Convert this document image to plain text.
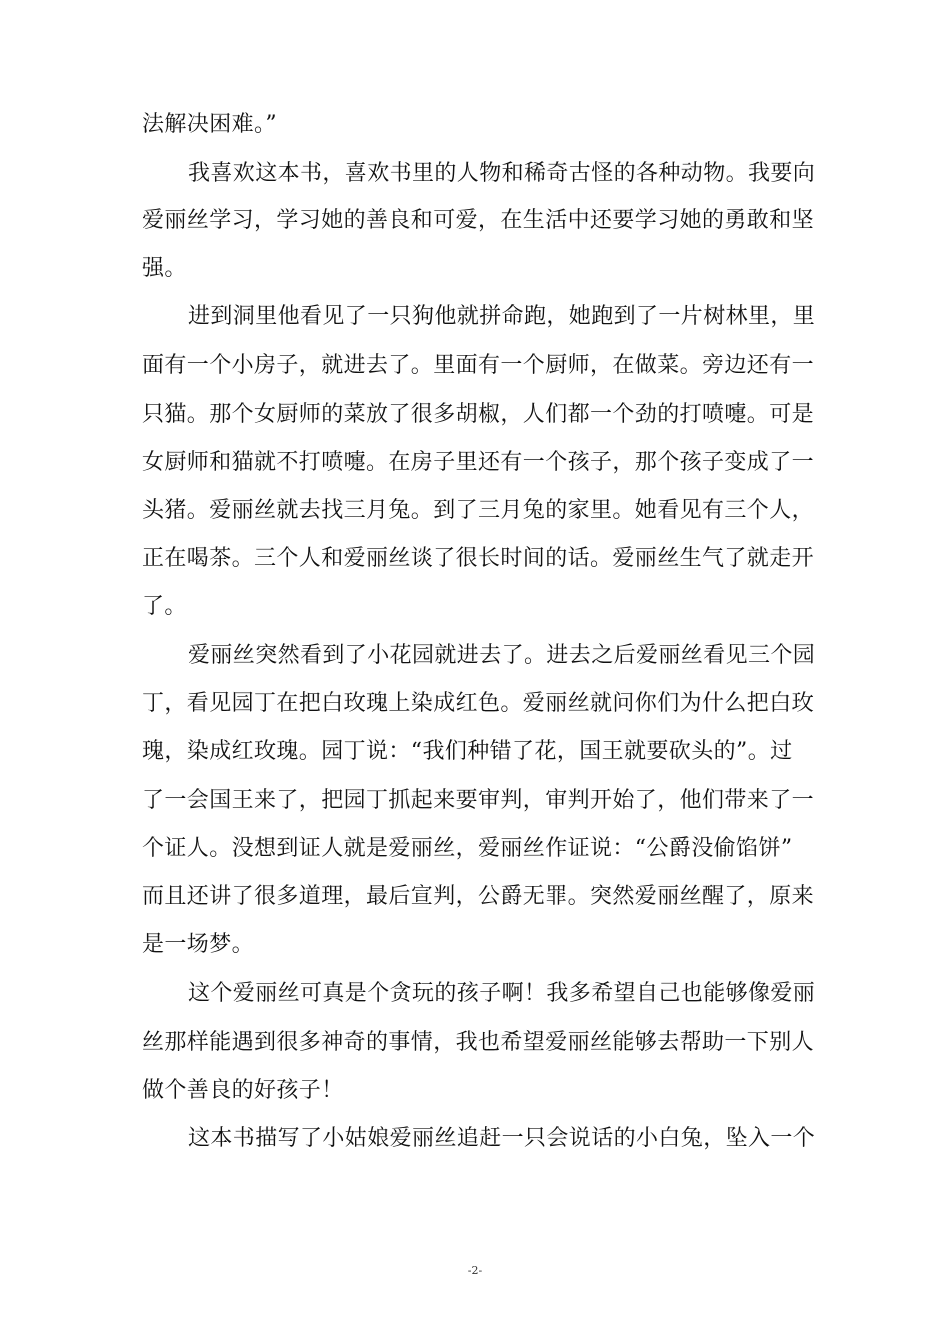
法解决困难。”

我喜欢这本书，喜欢书里的人物和稀奇古怪的各种动物。我要向

爱丽丝学习，学习她的善良和可爱，在生活中还要学习她的勇敢和坚

强。

进到洞里他看见了一只狗他就拼命跑，她跑到了一片树林里，里

面有一个小房子，就进去了。里面有一个厨师，在做菜。旁边还有一

只猫。那个女厨师的菜放了很多胡椒，人们都一个劲的打喷嚏。可是

女厨师和猫就不打喷嚏。在房子里还有一个孩子，那个孩子变成了一

头猪。爱丽丝就去找三月兔。到了三月兔的家里。她看见有三个人，

正在喝茶。三个人和爱丽丝谈了很长时间的话。爱丽丝生气了就走开

了。

爱丽丝突然看到了小花园就进去了。进去之后爱丽丝看见三个园

丁，看见园丁在把白玫瑰上染成红色。爱丽丝就问你们为什么把白玫

瑰，染成红玫瑰。园丁说：“我们种错了花，国王就要砍头的”。过

了一会国王来了，把园丁抓起来要审判，审判开始了，他们带来了一

个证人。没想到证人就是爱丽丝，爱丽丝作证说：“公爵没偷馅饼”

而且还讲了很多道理，最后宣判，公爵无罪。突然爱丽丝醒了，原来

是一场梦。

这个爱丽丝可真是个贪玩的孩子啊！我多希望自己也能够像爱丽

丝那样能遇到很多神奇的事情，我也希望爱丽丝能够去帮助一下别人

做个善良的好孩子！

这本书描写了小姑娘爱丽丝追赶一只会说话的小白兔，坠入一个

-2-
